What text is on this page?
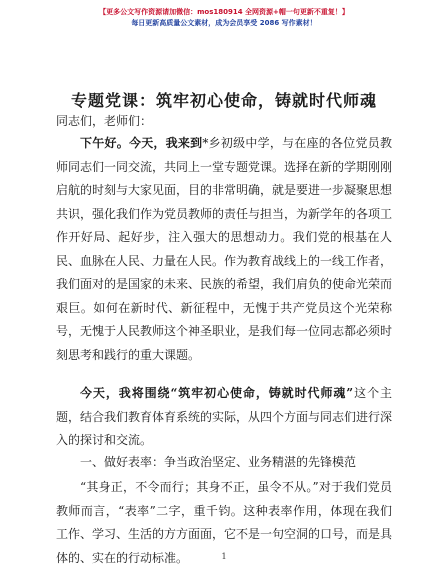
【更多公文写作资源请加微信：mos180914 全网资源+帽一句更新不重复！】
每日更新高质量公文素材，成为会员享受 2086 写作素材！
专题党课：筑牢初心使命，铸就时代师魂
同志们，老师们：
下午好。今天，我来到*乡初级中学，与在座的各位党员教师同志们一同交流，共同上一堂专题党课。选择在新的学期刚刚启航的时刻与大家见面，目的非常明确，就是要进一步凝聚思想共识，强化我们作为党员教师的责任与担当，为新学年的各项工作开好局、起好步，注入强大的思想动力。我们党的根基在人民、血脉在人民、力量在人民。作为教育战线上的一线工作者，我们面对的是国家的未来、民族的希望，我们肩负的使命光荣而艰巨。如何在新时代、新征程中，无愧于共产党员这个光荣称号，无愧于人民教师这个神圣职业，是我们每一位同志都必须时刻思考和践行的重大课题。
今天，我将围绕“筑牢初心使命，铸就时代师魂”这个主题，结合我们教育体育系统的实际，从四个方面与同志们进行深入的探讨和交流。
一、做好表率：争当政治坚定、业务精湛的先锋模范
“其身正，不令而行；其身不正，虽令不从。”对于我们党员教师而言，“表率”二字，重千钧。这种表率作用，体现在我们工作、学习、生活的方方面面，它不是一句空洞的口号，而是具体的、实在的行动标准。	1
